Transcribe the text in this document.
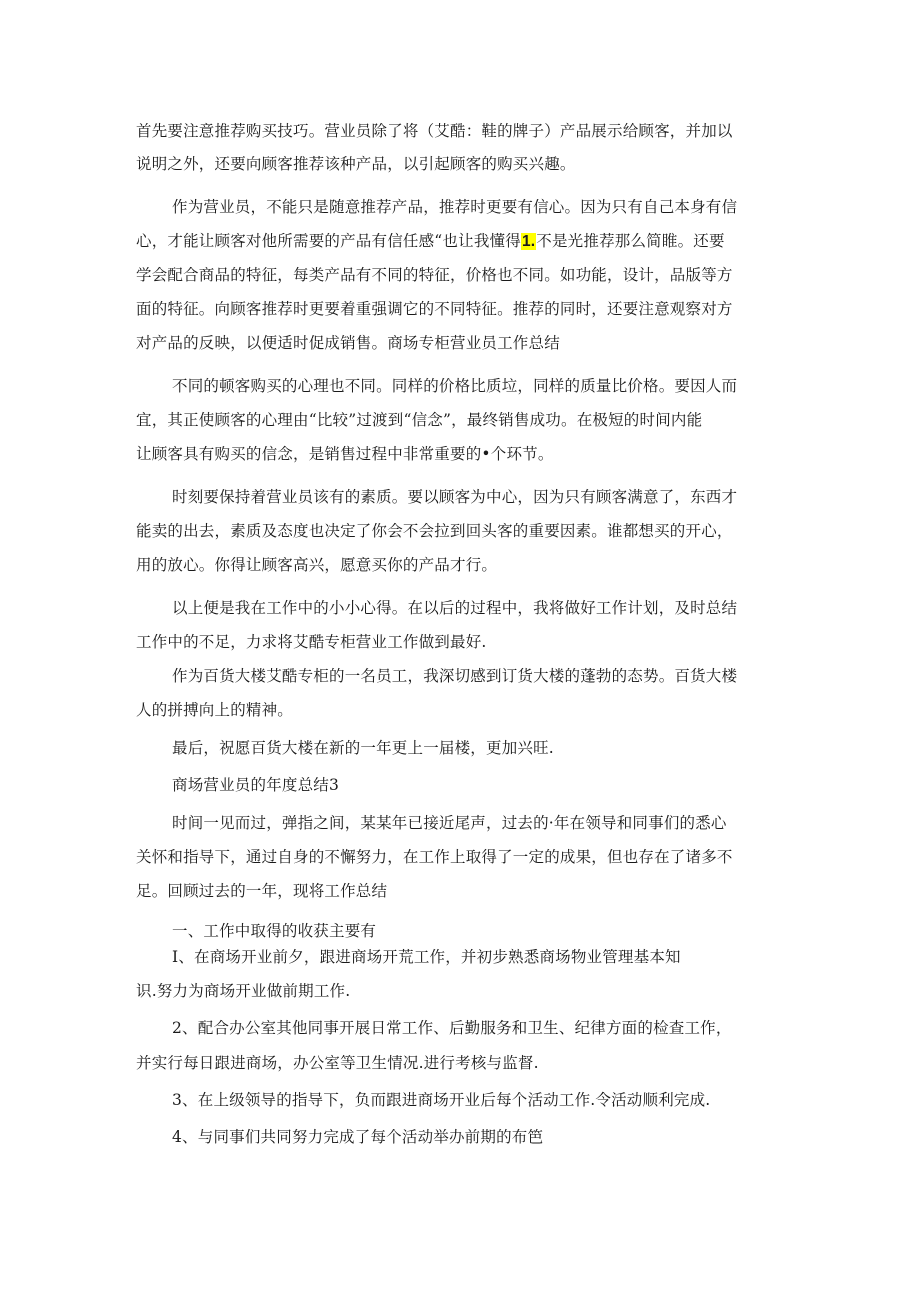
首先要注意推荐购买技巧。营业员除了将（艾酷：鞋的牌子）产品展示给顾客，并加以
说明之外，还要向顾客推荐该种产品，以引起顾客的购买兴趣。
作为营业员，不能只是随意推荐产品，推荐时更要有信心。因为只有自己本身有信
心，才能让顾客对他所需要的产品有信任感“也让我懂得1.不是光推荐那么简睢。还要
学会配合商品的特征，每类产品有不同的特征，价格也不同。如功能，设计，品版等方
面的特征。向顾客推荐时更要着重强调它的不同特征。推荐的同时，还要注意观察对方
对产品的反映，以便适时促成销售。商场专柜营业员工作总结
不同的顿客购买的心理也不同。同样的价格比质垃，同样的质量比价格。要因人而
宜，其正使顾客的心理由“比较”过渡到“信念”，最终销售成功。在极短的时间内能
让顾客具有购买的信念，是销售过程中非常重要的•个环节。
时刻要保持着营业员该有的素质。要以顾客为中心，因为只有顾客满意了，东西才
能卖的出去，素质及态度也决定了你会不会拉到回头客的重要因素。谁都想买的开心，
用的放心。你得让顾客高兴，愿意买你的产品才行。
以上便是我在工作中的小小心得。在以后的过程中，我将做好工作计划，及时总结
工作中的不足，力求将艾酷专柜营业工作做到最好.
作为百货大楼艾酷专柜的一名员工，我深切感到订货大楼的蓬勃的态势。百货大楼
人的拼搏向上的精神。
最后，祝愿百货大楼在新的一年更上一届楼，更加兴旺.
商场营业员的年度总结3
时间一见而过，弹指之间，某某年已接近尾声，过去的·年在领导和同事们的悉心
关怀和指导下，通过自身的不懈努力，在工作上取得了一定的成果，但也存在了诸多不
足。回顾过去的一年，现将工作总结
一、工作中取得的收获主要有
I、在商场开业前夕，跟进商场开荒工作，并初步熟悉商场物业管理基本知
识.努力为商场开业做前期工作.
2、配合办公室其他同事开展日常工作、后勤服务和卫生、纪律方面的检查工作，
并实行每日跟进商场，办公室等卫生情况.进行考核与监督.
3、在上级领导的指导下，负而跟进商场开业后每个活动工作.令活动顺利完成.
4、与同事们共同努力完成了每个活动举办前期的布笆
